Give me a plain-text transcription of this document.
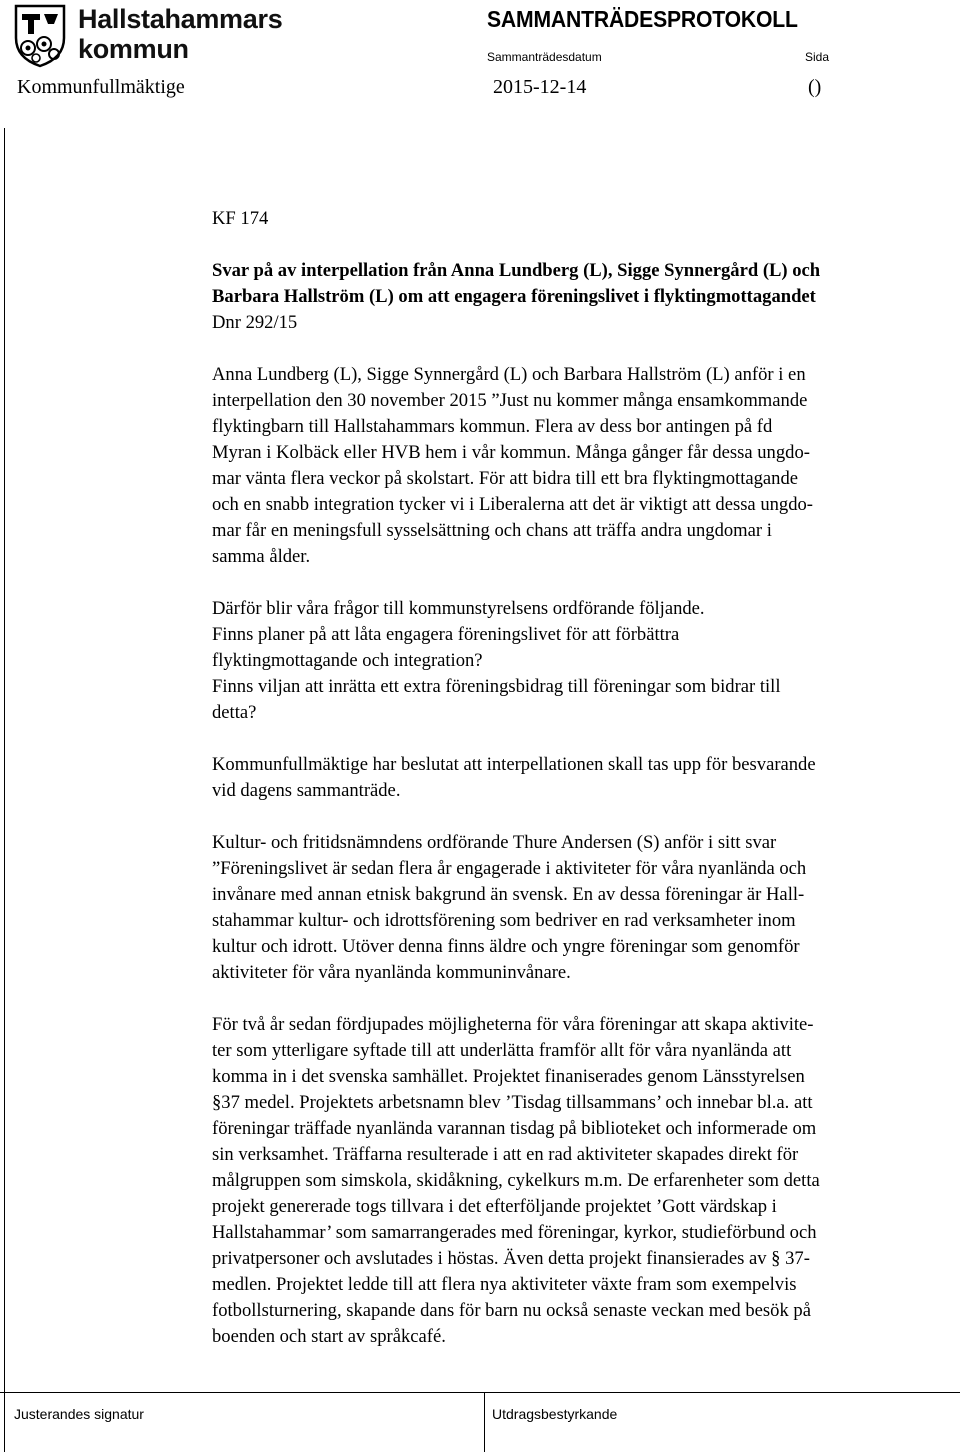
Hallstahammars
kommun
SAMMANTRÄDESPROTOKOLL
Sammanträdesdatum	Sida
Kommunfullmäktige	2015-12-14	()

KF 174

Svar på av interpellation från Anna Lundberg (L), Sigge Synnergård (L) och

Barbara Hallström (L) om att engagera föreningslivet i flyktingmottagandet

Dnr 292/15

Anna Lundberg (L), Sigge Synnergård (L) och Barbara Hallström (L) anför i en

interpellation den 30 november 2015 ”Just nu kommer många ensamkommande

flyktingbarn till Hallstahammars kommun. Flera av dess bor antingen på fd

Myran i Kolbäck eller HVB hem i vår kommun. Många gånger får dessa ungdo-

mar vänta flera veckor på skolstart. För att bidra till ett bra flyktingmottagande

och en snabb integration tycker vi i Liberalerna att det är viktigt att dessa ungdo-

mar får en meningsfull sysselsättning och chans att träffa andra ungdomar i

samma ålder.

Därför blir våra frågor till kommunstyrelsens ordförande följande.

Finns planer på att låta engagera föreningslivet för att förbättra

flyktingmottagande och integration?

Finns viljan att inrätta ett extra föreningsbidrag till föreningar som bidrar till

detta?

Kommunfullmäktige har beslutat att interpellationen skall tas upp för besvarande

vid dagens sammanträde.

Kultur- och fritidsnämndens ordförande Thure Andersen (S) anför i sitt svar

”Föreningslivet är sedan flera år engagerade i aktiviteter för våra nyanlända och

invånare med annan etnisk bakgrund än svensk. En av dessa föreningar är Hall-

stahammar kultur- och idrottsförening som bedriver en rad verksamheter inom

kultur och idrott. Utöver denna finns äldre och yngre föreningar som genomför

aktiviteter för våra nyanlända kommuninvånare.

För två år sedan fördjupades möjligheterna för våra föreningar att skapa aktivite-

ter som ytterligare syftade till att underlätta framför allt för våra nyanlända att

komma in i det svenska samhället. Projektet finaniserades genom Länsstyrelsen

§37 medel. Projektets arbetsnamn blev ’Tisdag tillsammans’ och innebar bl.a. att

föreningar träffade nyanlända varannan tisdag på biblioteket och informerade om

sin verksamhet. Träffarna resulterade i att en rad aktiviteter skapades direkt för

målgruppen som simskola, skidåkning, cykelkurs m.m. De erfarenheter som detta

projekt genererade togs tillvara i det efterföljande projektet ’Gott värdskap i

Hallstahammar’ som samarrangerades med föreningar, kyrkor, studieförbund och

privatpersoner och avslutades i höstas. Även detta projekt finansierades av § 37-

medlen. Projektet ledde till att flera nya aktiviteter växte fram som exempelvis

fotbollsturnering, skapande dans för barn nu också senaste veckan med besök på

boenden och start av språkcafé.

Justerandes signatur	Utdragsbestyrkande
